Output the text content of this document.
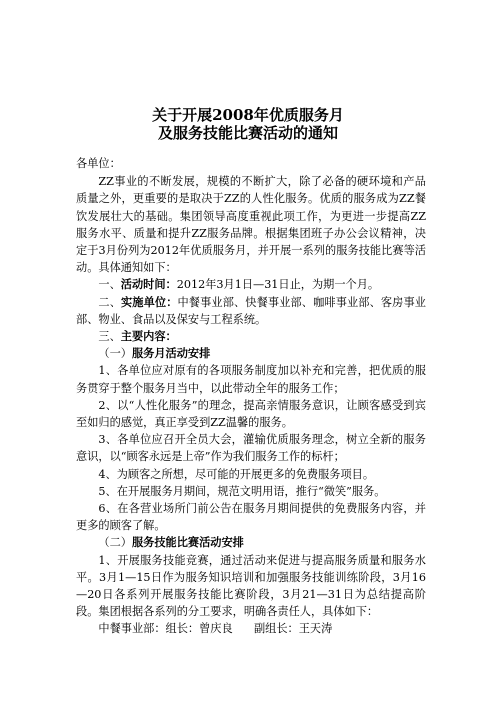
关于开展2008年优质服务月
及服务技能比赛活动的通知

各单位：

ZZ事业的不断发展，规模的不断扩大，除了必备的硬环境和产品质量之外，更重要的是取决于ZZ的人性化服务。优质的服务成为ZZ餐饮发展壮大的基础。集团领导高度重视此项工作，为更进一步提高ZZ服务水平、质量和提升ZZ服务品牌。根据集团班子办公会议精神，决定于3月份列为2012年优质服务月，并开展一系列的服务技能比赛等活动。具体通知如下：

一、活动时间：2012年3月1日—31日止，为期一个月。

二、实施单位：中餐事业部、快餐事业部、咖啡事业部、客房事业部、物业、食品以及保安与工程系统。

三、主要内容：

（一）服务月活动安排

1、各单位应对原有的各项服务制度加以补充和完善，把优质的服务贯穿于整个服务月当中，以此带动全年的服务工作；

2、以“人性化服务”的理念，提高亲情服务意识，让顾客感受到宾至如归的感觉，真正享受到ZZ温馨的服务。

3、各单位应召开全员大会，灌输优质服务理念，树立全新的服务意识，以“顾客永远是上帝”作为我们服务工作的标杆；

4、为顾客之所想，尽可能的开展更多的免费服务项目。

5、在开展服务月期间，规范文明用语，推行“微笑”服务。

6、在各营业场所门前公告在服务月期间提供的免费服务内容，并更多的顾客了解。

（二）服务技能比赛活动安排

1、开展服务技能竞赛，通过活动来促进与提高服务质量和服务水平。3月1—15日作为服务知识培训和加强服务技能训练阶段，3月16—20日各系列开展服务技能比赛阶段，3月21—31日为总结提高阶段。集团根据各系列的分工要求，明确各责任人，具体如下：

中餐事业部：组长：曾庆良      副组长：王天涛
